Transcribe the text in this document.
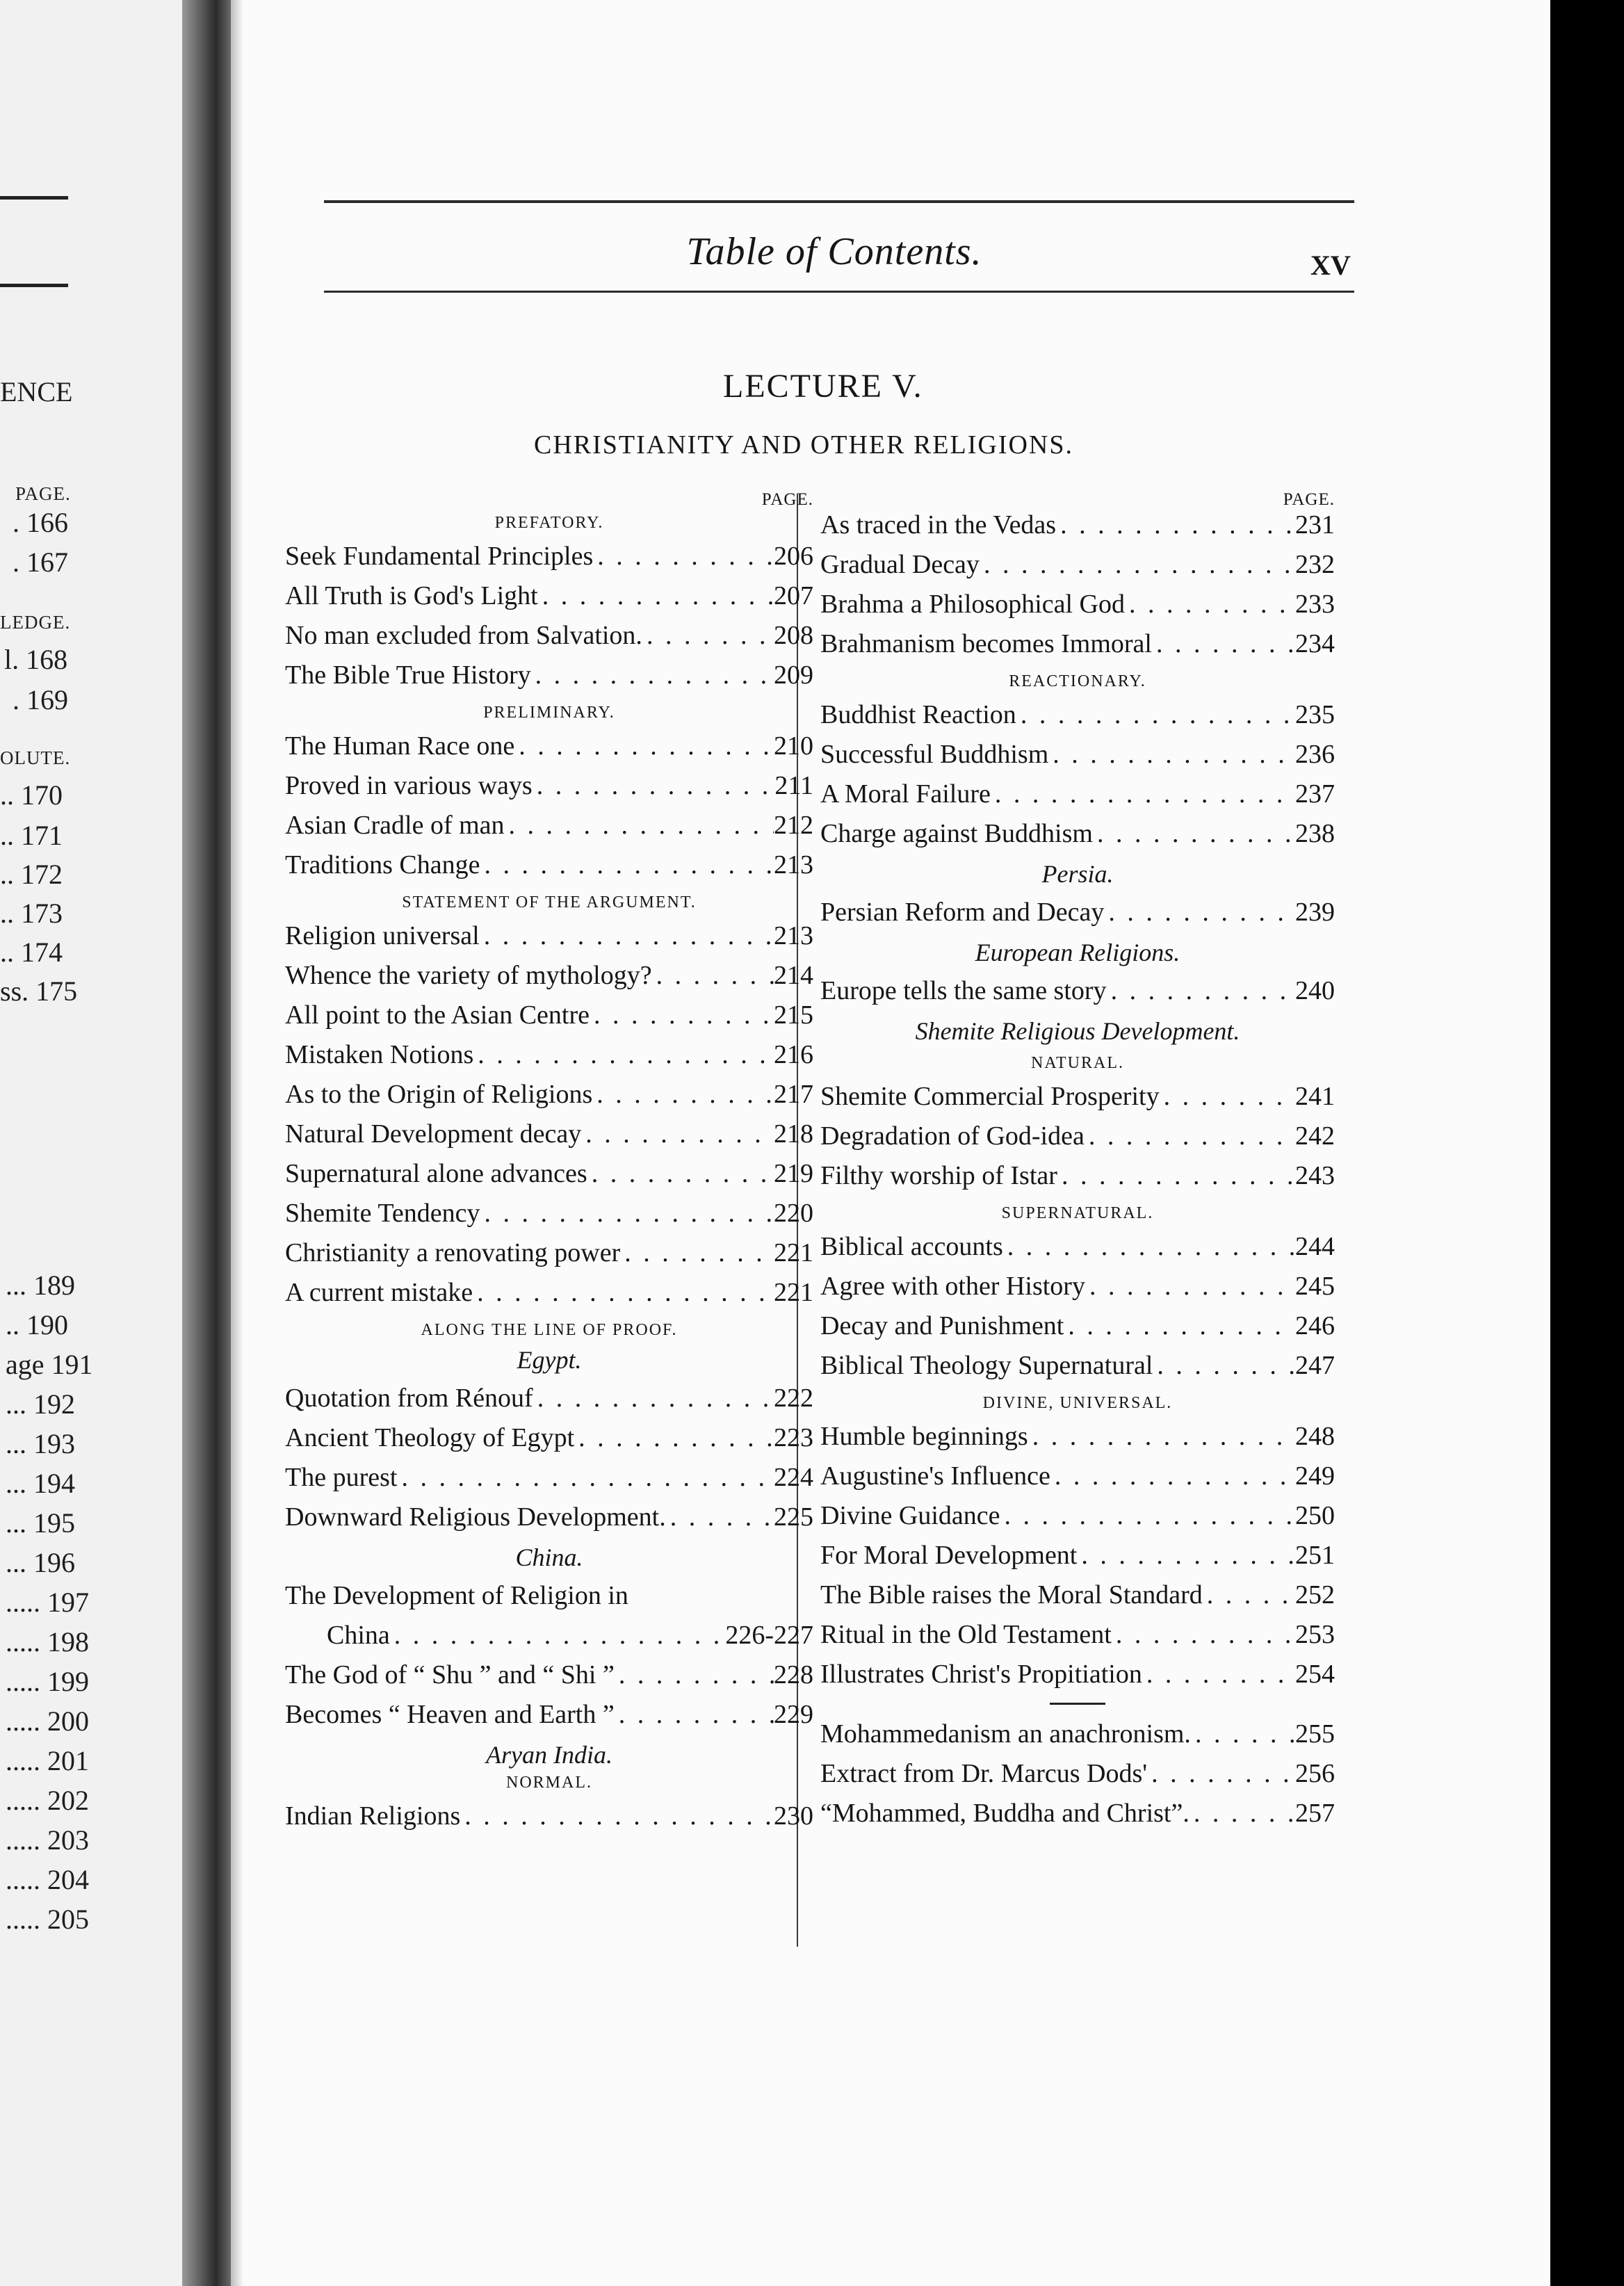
ENCE
PAGE.
. 166
. 167
LEDGE.
l. 168
. 169
OLUTE.
.. 170
.. 171
.. 172
.. 173
.. 174
ss. 175
... 189
.. 190
age 191
... 192
... 193
... 194
... 195
... 196
..... 197
..... 198
..... 199
..... 200
..... 201
..... 202
..... 203
..... 204
..... 205
Table of Contents.	XV
LECTURE V.
CHRISTIANITY AND OTHER RELIGIONS.
PAGE.
PREFATORY.
Seek Fundamental Principles . . .	206
All Truth is God's Light . . .	207
No man excluded from Salvation. . . .	208
The Bible True History . . .	209
PRELIMINARY.
The Human Race one . . .	210
Proved in various ways . . .	211
Asian Cradle of man . . .	212
Traditions Change . . .	213
STATEMENT OF THE ARGUMENT.
Religion universal . . .	213
Whence the variety of mythology? . . .	214
All point to the Asian Centre . . .	215
Mistaken Notions . . .	216
As to the Origin of Religions . . .	217
Natural Development decay . . .	218
Supernatural alone advances . . .	219
Shemite Tendency . . .	220
Christianity a renovating power . . .	221
A current mistake . . .	221
ALONG THE LINE OF PROOF.
Egypt.
Quotation from Rénouf . . .	222
Ancient Theology of Egypt . . .	223
The purest . . .	224
Downward Religious Development. . . .	225
China.
The Development of Religion in
China . . .	226-227
The God of “ Shu ” and “ Shi ” . . .	228
Becomes “ Heaven and Earth ” . . .	229
Aryan India.
NORMAL.
Indian Religions . . .	230
PAGE.
As traced in the Vedas . . .	231
Gradual Decay . . .	232
Brahma a Philosophical God . . .	233
Brahmanism becomes Immoral . . .	234
REACTIONARY.
Buddhist Reaction . . .	235
Successful Buddhism . . .	236
A Moral Failure . . .	237
Charge against Buddhism . . .	238
Persia.
Persian Reform and Decay . . .	239
European Religions.
Europe tells the same story . . .	240
Shemite Religious Development.
NATURAL.
Shemite Commercial Prosperity . . .	241
Degradation of God-idea . . .	242
Filthy worship of Istar . . .	243
SUPERNATURAL.
Biblical accounts . . .	244
Agree with other History . . .	245
Decay and Punishment . . .	246
Biblical Theology Supernatural . . .	247
DIVINE, UNIVERSAL.
Humble beginnings . . .	248
Augustine's Influence . . .	249
Divine Guidance . . .	250
For Moral Development . . .	251
The Bible raises the Moral Standard . . .	252
Ritual in the Old Testament . . .	253
Illustrates Christ's Propitiation . . .	254
Mohammedanism an anachronism. . . .	255
Extract from Dr. Marcus Dods' . . .	256
“Mohammed, Buddha and Christ”. . . .	257
